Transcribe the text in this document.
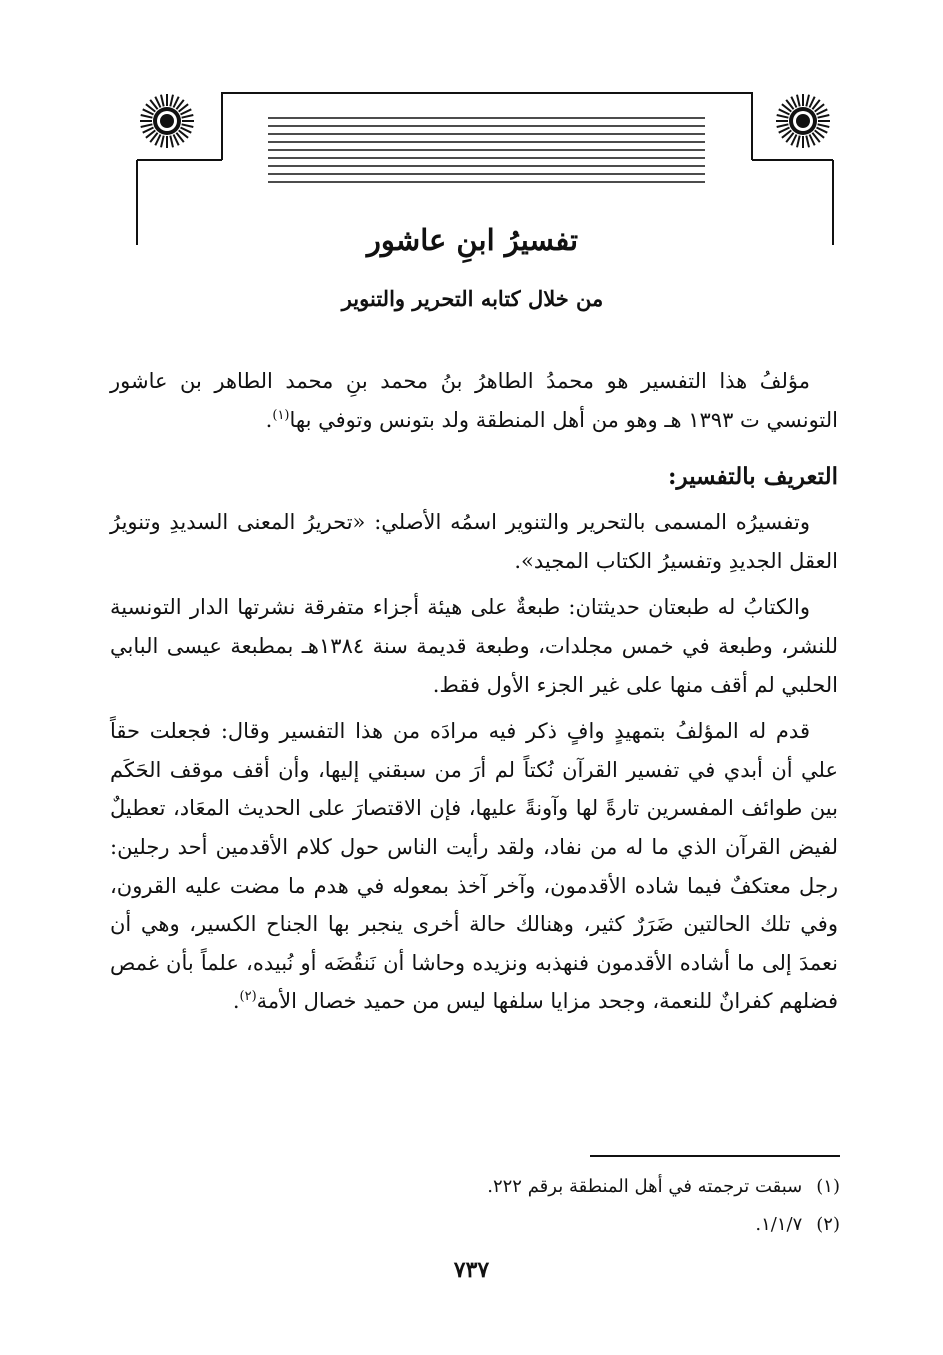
تفسيرُ ابنِ عاشور
من خلال كتابه التحرير والتنوير

مؤلفُ هذا التفسير هو محمدُ الطاهرُ بنُ محمد بنِ محمد الطاهر بن عاشور التونسي ت ١٣٩٣ هـ وهو من أهل المنطقة ولد بتونس وتوفي بها$^{(١)}$.

التعريف بالتفسير:

وتفسيرُه المسمى بالتحرير والتنوير اسمُه الأصلي: «تحريرُ المعنى السديدِ وتنويرُ العقل الجديدِ وتفسيرُ الكتاب المجيد».

والكتابُ له طبعتان حديثتان: طبعةٌ على هيئة أجزاء متفرقة نشرتها الدار التونسية للنشر، وطبعة في خمس مجلدات، وطبعة قديمة سنة ١٣٨٤هـ بمطبعة عيسى البابي الحلبي لم أقف منها على غير الجزء الأول فقط.

قدم له المؤلفُ بتمهيدٍ وافٍ ذكر فيه مرادَه من هذا التفسير وقال: فجعلت حقاً علي أن أبدي في تفسير القرآن نُكتاً لم أرَ من سبقني إليها، وأن أقف موقف الحَكَم بين طوائف المفسرين تارةً لها وآونةً عليها، فإن الاقتصارَ على الحديث المعَاد، تعطيلٌ لفيض القرآن الذي ما له من نفاد، ولقد رأيت الناس حول كلام الأقدمين أحد رجلين: رجل معتكفٌ فيما شاده الأقدمون، وآخر آخذ بمعوله في هدم ما مضت عليه القرون، وفي تلك الحالتين ضَرَرٌ كثير، وهنالك حالة أخرى ينجبر بها الجناح الكسير، وهي أن نعمدَ إلى ما أشاده الأقدمون فنهذبه ونزيده وحاشا أن نَنقُضَه أو نُبيده، علماً بأن غمص فضلهم كفرانٌ للنعمة، وجحد مزايا سلفها ليس من حميد خصال الأمة$^{(٢)}$.

(١)سبقت ترجمته في أهل المنطقة برقم ٢٢٢.
(٢)١/١/٧.
٧٣٧
